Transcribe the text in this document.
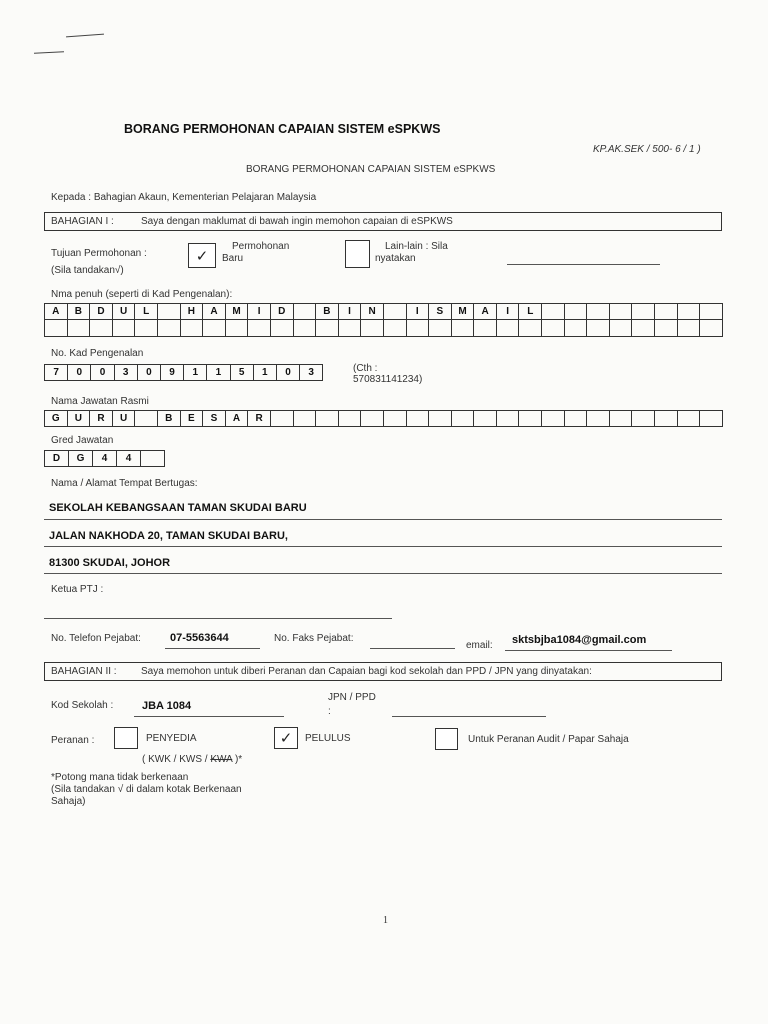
BORANG PERMOHONAN CAPAIAN SISTEM eSPKWS
KP.AK.SEK / 500- 6 / 1 )
BORANG PERMOHONAN CAPAIAN SISTEM eSPKWS
Kepada : Bahagian Akaun, Kementerian Pelajaran Malaysia
BAHAGIAN I :	Saya dengan maklumat di bawah ingin memohon capaian di eSPKWS
Tujuan Permohonan :
(Sila tandakan√)
✓
Permohonan
Baru
Lain-lain : Sila
nyatakan
Nma penuh (seperti di Kad Pengenalan):
A	B	D	U	L	H	A	M	I	D	B	I	N	I	S	M	A	I	L
No. Kad Pengenalan
7	0	0	3	0	9	1	1	5	1	0	3	(Cth :
570831141234)
Nama Jawatan Rasmi
G	U	R	U	B	E	S	A	R
Gred Jawatan
D	G	4	4
Nama / Alamat Tempat Bertugas:
SEKOLAH KEBANGSAAN TAMAN SKUDAI BARU
JALAN NAKHODA 20, TAMAN SKUDAI BARU,
81300 SKUDAI, JOHOR
Ketua PTJ :
No. Telefon Pejabat:	07-5563644	No. Faks Pejabat:
email: sktsbjba1084@gmail.com
BAHAGIAN II :	Saya memohon untuk diberi Peranan dan Capaian bagi kod sekolah dan PPD / JPN yang dinyatakan:
Kod Sekolah :	JBA 1084
JPN / PPD
:
Peranan :	PENYEDIA
( KWK / KWS / KWA )*
✓ PELULUS	Untuk Peranan Audit / Papar Sahaja
*Potong mana tidak berkenaan
(Sila tandakan √ di dalam kotak Berkenaan
Sahaja)
1
